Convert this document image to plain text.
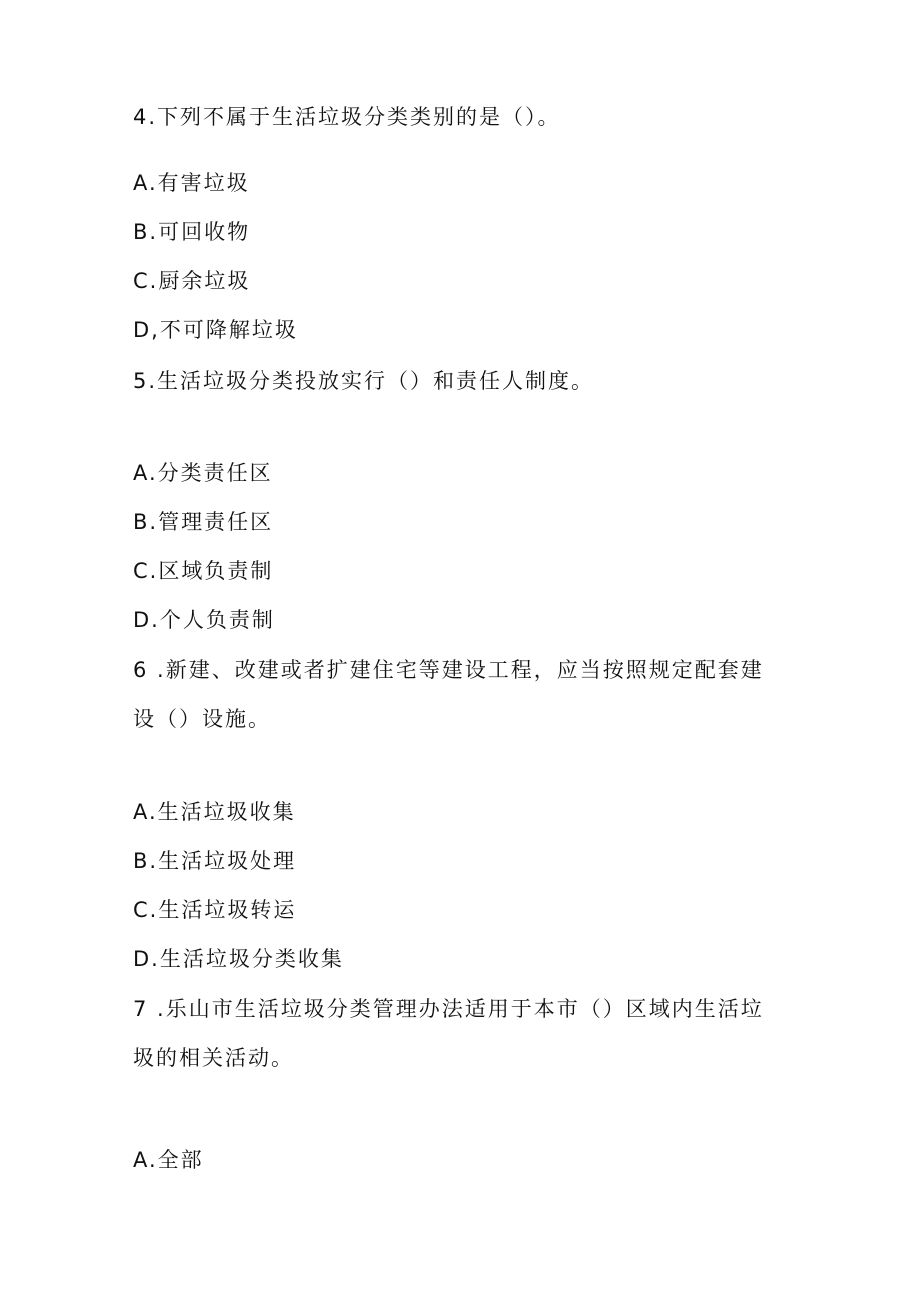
4.下列不属于生活垃圾分类类别的是（）。

A.有害垃圾

B.可回收物

C.厨余垃圾

D,不可降解垃圾

5.生活垃圾分类投放实行（）和责任人制度。

A.分类责任区

B.管理责任区

C.区域负责制

D.个人负责制

6 .新建、改建或者扩建住宅等建设工程，应当按照规定配套建

设（）设施。

A.生活垃圾收集

B.生活垃圾处理

C.生活垃圾转运

D.生活垃圾分类收集

7 .乐山市生活垃圾分类管理办法适用于本市（）区域内生活垃

圾的相关活动。

A.全部
